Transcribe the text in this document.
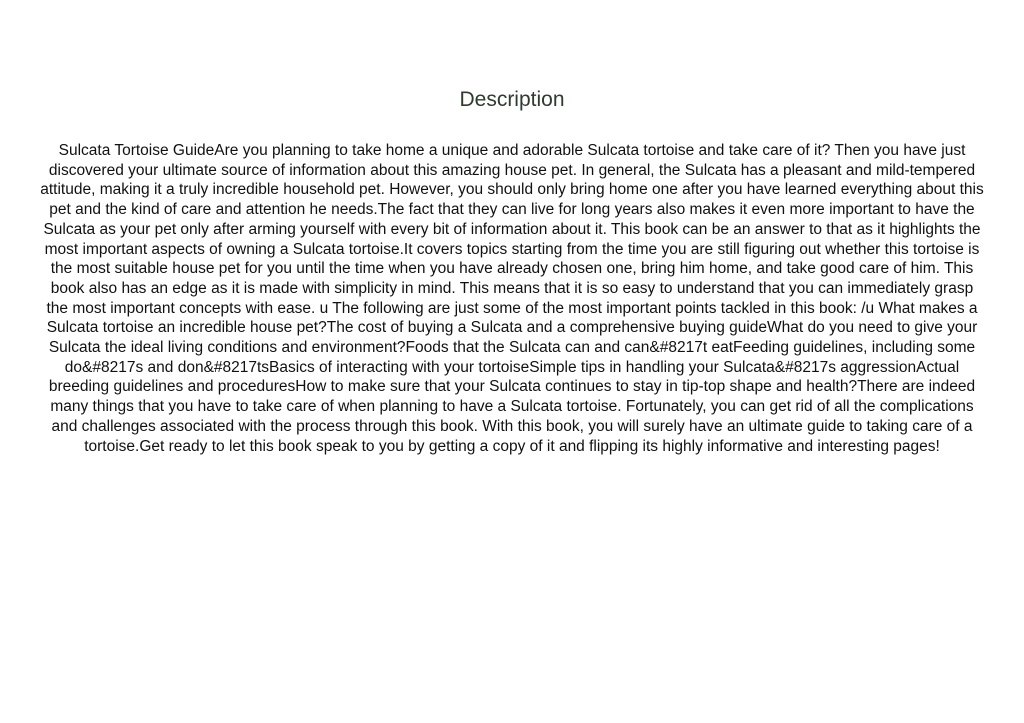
Description
Sulcata Tortoise GuideAre you planning to take home a unique and adorable Sulcata tortoise and take care of it? Then you have just discovered your ultimate source of information about this amazing house pet. In general, the Sulcata has a pleasant and mild-tempered attitude, making it a truly incredible household pet. However, you should only bring home one after you have learned everything about this pet and the kind of care and attention he needs.The fact that they can live for long years also makes it even more important to have the Sulcata as your pet only after arming yourself with every bit of information about it. This book can be an answer to that as it highlights the most important aspects of owning a Sulcata tortoise.It covers topics starting from the time you are still figuring out whether this tortoise is the most suitable house pet for you until the time when you have already chosen one, bring him home, and take good care of him. This book also has an edge as it is made with simplicity in mind. This means that it is so easy to understand that you can immediately grasp the most important concepts with ease. u The following are just some of the most important points tackled in this book: /u What makes a Sulcata tortoise an incredible house pet?The cost of buying a Sulcata and a comprehensive buying guideWhat do you need to give your Sulcata the ideal living conditions and environment?Foods that the Sulcata can and can&#8217t eatFeeding guidelines, including some do&#8217s and don&#8217tsBasics of interacting with your tortoiseSimple tips in handling your Sulcata&#8217s aggressionActual breeding guidelines and proceduresHow to make sure that your Sulcata continues to stay in tip-top shape and health?There are indeed many things that you have to take care of when planning to have a Sulcata tortoise. Fortunately, you can get rid of all the complications and challenges associated with the process through this book. With this book, you will surely have an ultimate guide to taking care of a tortoise.Get ready to let this book speak to you by getting a copy of it and flipping its highly informative and interesting pages!
